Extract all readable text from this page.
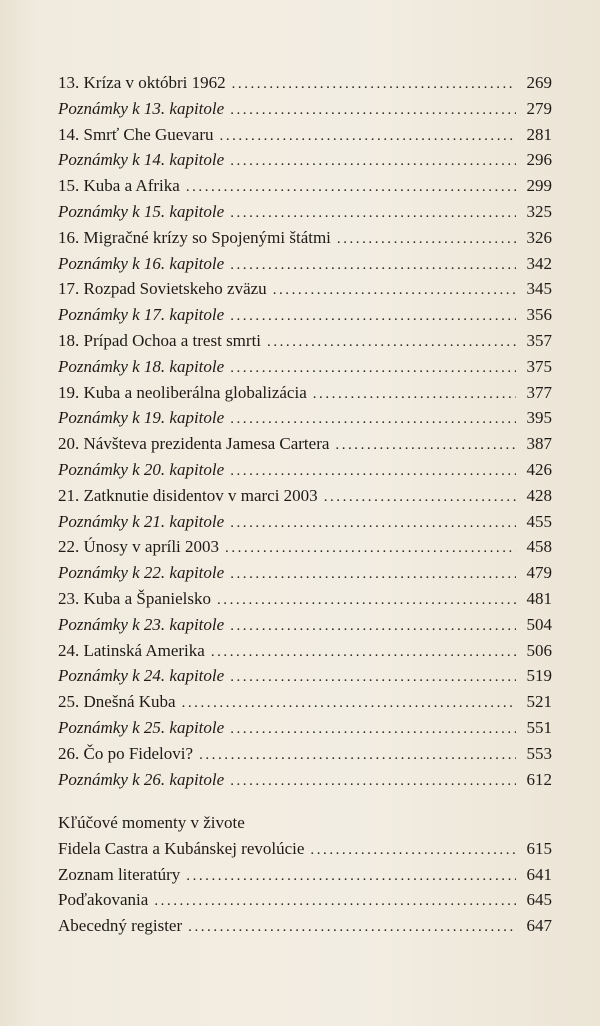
13. Kríza v októbri 1962 . . .	269
Poznámky k 13. kapitole . . .	279
14. Smrť Che Guevaru . . .	281
Poznámky k 14. kapitole . . .	296
15. Kuba a Afrika . . .	299
Poznámky k 15. kapitole . . .	325
16. Migračné krízy so Spojenými štátmi . . .	326
Poznámky k 16. kapitole . . .	342
17. Rozpad Sovietskeho zväzu . . .	345
Poznámky k 17. kapitole . . .	356
18. Prípad Ochoa a trest smrti . . .	357
Poznámky k 18. kapitole . . .	375
19. Kuba a neoliberálna globalizácia . . .	377
Poznámky k 19. kapitole . . .	395
20. Návšteva prezidenta Jamesa Cartera . . .	387
Poznámky k 20. kapitole . . .	426
21. Zatknutie disidentov v marci 2003 . . .	428
Poznámky k 21. kapitole . . .	455
22. Únosy v apríli 2003 . . .	458
Poznámky k 22. kapitole . . .	479
23. Kuba a Španielsko . . .	481
Poznámky k 23. kapitole . . .	504
24. Latinská Amerika . . .	506
Poznámky k 24. kapitole . . .	519
25. Dnešná Kuba . . .	521
Poznámky k 25. kapitole . . .	551
26. Čo po Fidelovi? . . .	553
Poznámky k 26. kapitole . . .	612
Kľúčové momenty v živote
Fidela Castra a Kubánskej revolúcie . . .	615
Zoznam literatúry . . .	641
Poďakovania . . .	645
Abecedný register . . .	647
